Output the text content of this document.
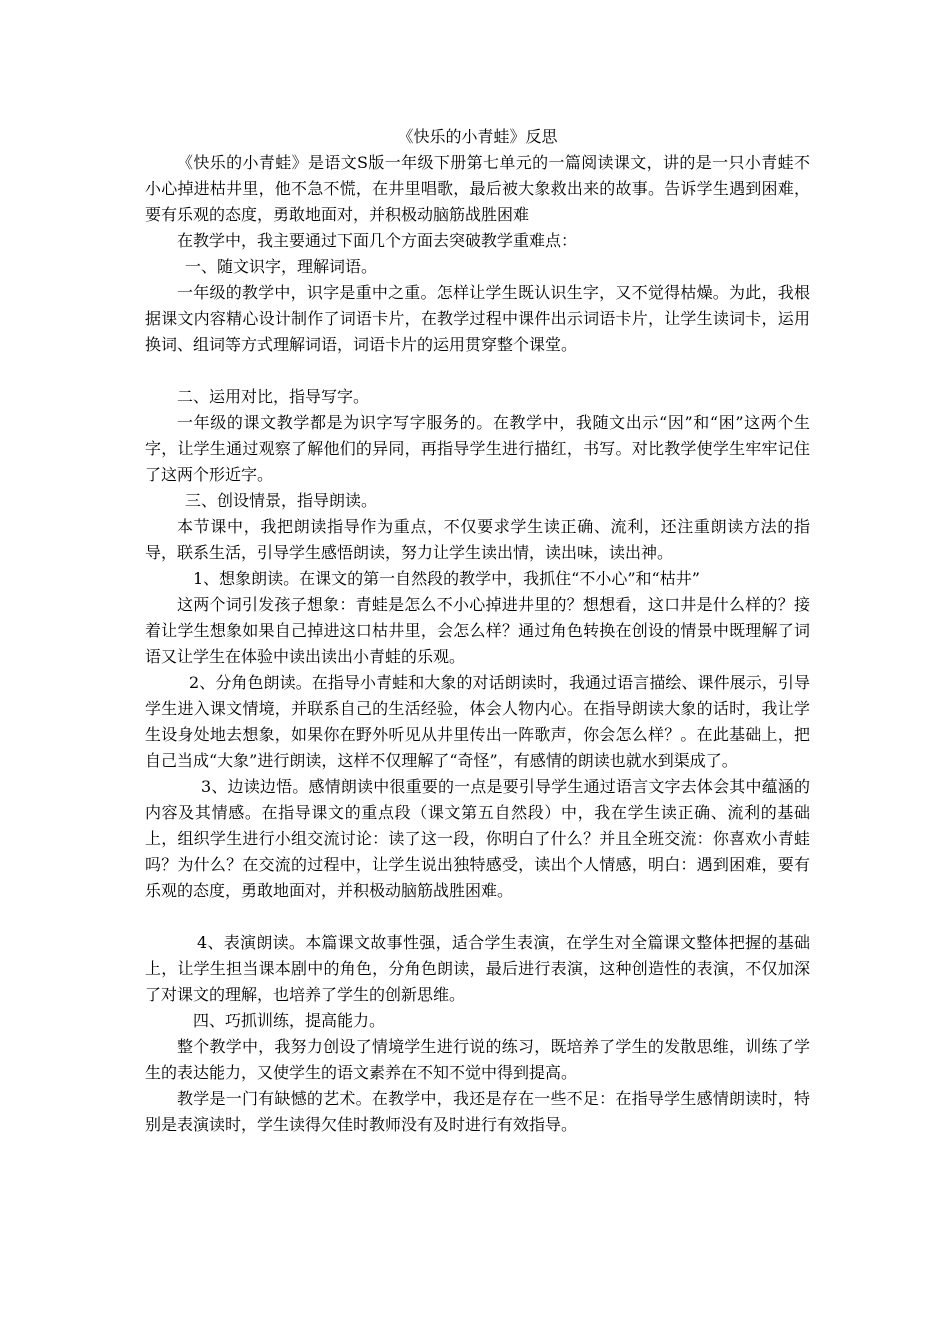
《快乐的小青蛙》反思
《快乐的小青蛙》是语文S版一年级下册第七单元的一篇阅读课文，讲的是一只小青蛙不小心掉进枯井里，他不急不慌，在井里唱歌，最后被大象救出来的故事。告诉学生遇到困难，要有乐观的态度，勇敢地面对，并积极动脑筋战胜困难
在教学中，我主要通过下面几个方面去突破教学重难点：
一、随文识字，理解词语。
一年级的教学中，识字是重中之重。怎样让学生既认识生字，又不觉得枯燥。为此，我根据课文内容精心设计制作了词语卡片，在教学过程中课件出示词语卡片，让学生读词卡，运用换词、组词等方式理解词语，词语卡片的运用贯穿整个课堂。
二、运用对比，指导写字。
一年级的课文教学都是为识字写字服务的。在教学中，我随文出示“因”和“困”这两个生字，让学生通过观察了解他们的异同，再指导学生进行描红，书写。对比教学使学生牢牢记住了这两个形近字。
三、创设情景，指导朗读。
本节课中，我把朗读指导作为重点，不仅要求学生读正确、流利，还注重朗读方法的指导，联系生活，引导学生感悟朗读，努力让学生读出情，读出味，读出神。
1、想象朗读。在课文的第一自然段的教学中，我抓住“不小心”和“枯井”
这两个词引发孩子想象：青蛙是怎么不小心掉进井里的？想想看，这口井是什么样的？接着让学生想象如果自己掉进这口枯井里，会怎么样？通过角色转换在创设的情景中既理解了词语又让学生在体验中读出读出小青蛙的乐观。
2、分角色朗读。在指导小青蛙和大象的对话朗读时，我通过语言描绘、课件展示，引导学生进入课文情境，并联系自己的生活经验，体会人物内心。在指导朗读大象的话时，我让学生设身处地去想象，如果你在野外听见从井里传出一阵歌声，你会怎么样？。在此基础上，把自己当成“大象”进行朗读，这样不仅理解了“奇怪”，有感情的朗读也就水到渠成了。
3、边读边悟。感情朗读中很重要的一点是要引导学生通过语言文字去体会其中蕴涵的内容及其情感。在指导课文的重点段（课文第五自然段）中，我在学生读正确、流利的基础上，组织学生进行小组交流讨论：读了这一段，你明白了什么？并且全班交流：你喜欢小青蛙吗？为什么？在交流的过程中，让学生说出独特感受，读出个人情感，明白：遇到困难，要有乐观的态度，勇敢地面对，并积极动脑筋战胜困难。
4、表演朗读。本篇课文故事性强，适合学生表演，在学生对全篇课文整体把握的基础上，让学生担当课本剧中的角色，分角色朗读，最后进行表演，这种创造性的表演，不仅加深了对课文的理解，也培养了学生的创新思维。
四、巧抓训练，提高能力。
整个教学中，我努力创设了情境学生进行说的练习，既培养了学生的发散思维，训练了学生的表达能力，又使学生的语文素养在不知不觉中得到提高。
教学是一门有缺憾的艺术。在教学中，我还是存在一些不足：在指导学生感情朗读时，特别是表演读时，学生读得欠佳时教师没有及时进行有效指导。
